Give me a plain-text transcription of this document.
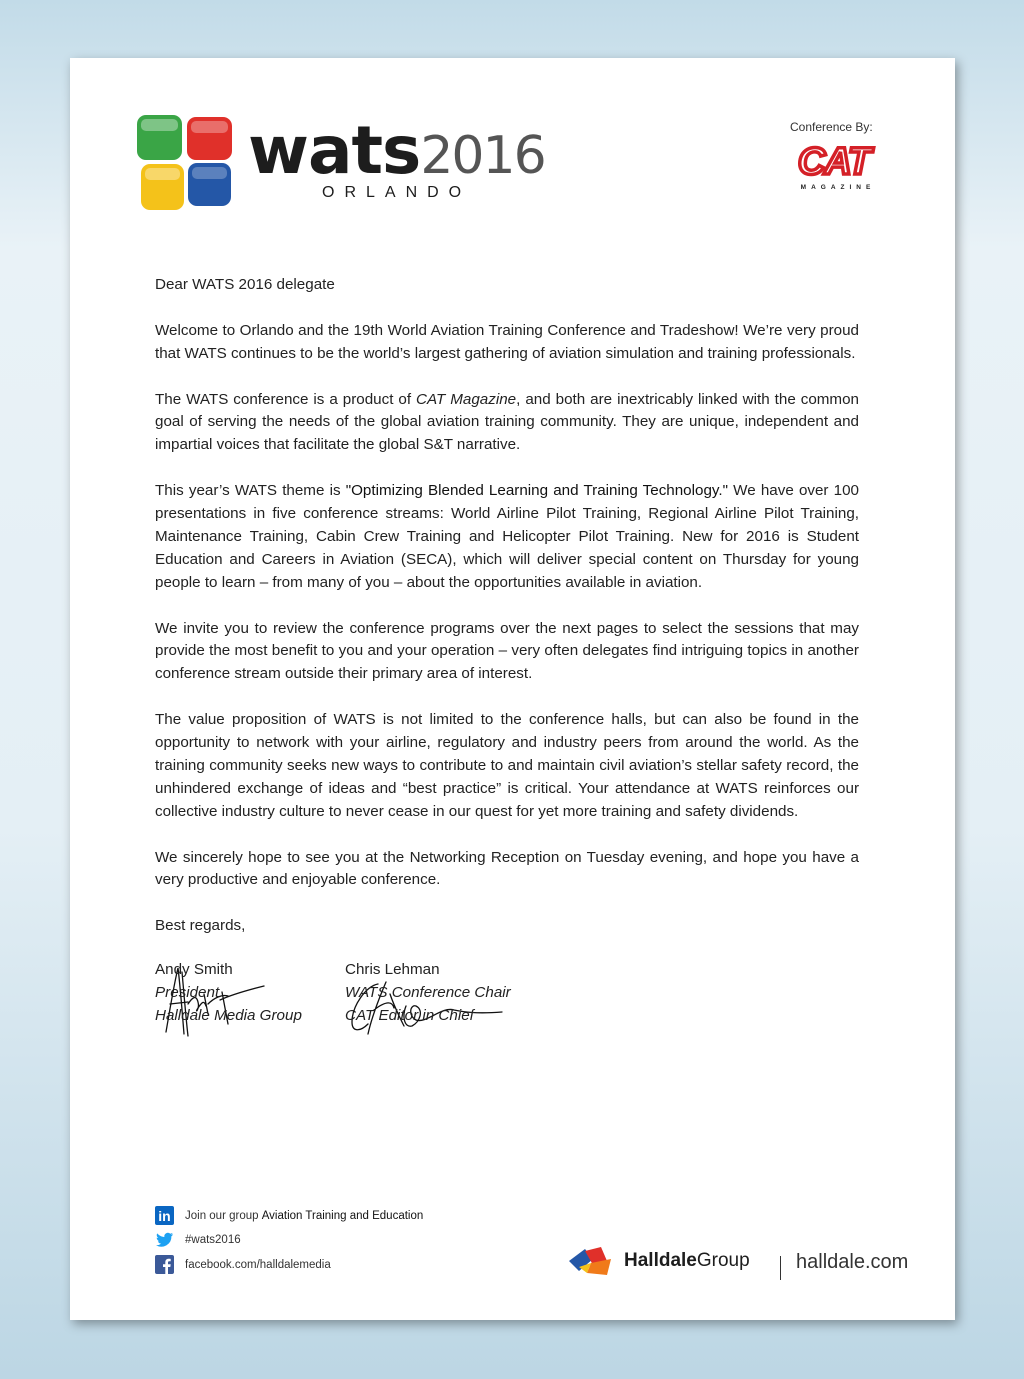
wats2016
ORLANDO
Conference By:
CAT
MAGAZINE

Dear WATS 2016 delegate

Welcome to Orlando and the 19th World Aviation Training Conference and Tradeshow! We’re very proud that WATS continues to be the world’s largest gathering of aviation simulation and training professionals.

The WATS conference is a product of CAT Magazine, and both are inextricably linked with the common goal of serving the needs of the global aviation training community. They are unique, independent and impartial voices that facilitate the global S&T narrative.

This year’s WATS theme is "Optimizing Blended Learning and Training Technology." We have over 100 presentations in five conference streams: World Airline Pilot Training, Regional Airline Pilot Training, Maintenance Training, Cabin Crew Training and Helicopter Pilot Training. New for 2016 is Student Education and Careers in Aviation (SECA), which will deliver special content on Thursday for young people to learn – from many of you – about the opportunities available in aviation.

We invite you to review the conference programs over the next pages to select the sessions that may provide the most benefit to you and your operation – very often delegates find intriguing topics in another conference stream outside their primary area of interest.

The value proposition of WATS is not limited to the conference halls, but can also be found in the opportunity to network with your airline, regulatory and industry peers from around the world. As the training community seeks new ways to contribute to and maintain civil aviation’s stellar safety record, the unhindered exchange of ideas and “best practice” is critical. Your attendance at WATS reinforces our collective industry culture to never cease in our quest for yet more training and safety dividends.

We sincerely hope to see you at the Networking Reception on Tuesday evening, and hope you have a very productive and enjoyable conference.

Best regards,

Andy Smith
President
Halldale Media Group
Chris Lehman
WATS Conference Chair
CAT Editor in Chief
in Join our group Aviation Training and Education
#wats2016
facebook.com/halldalemedia	HalldaleGroup halldale.com
